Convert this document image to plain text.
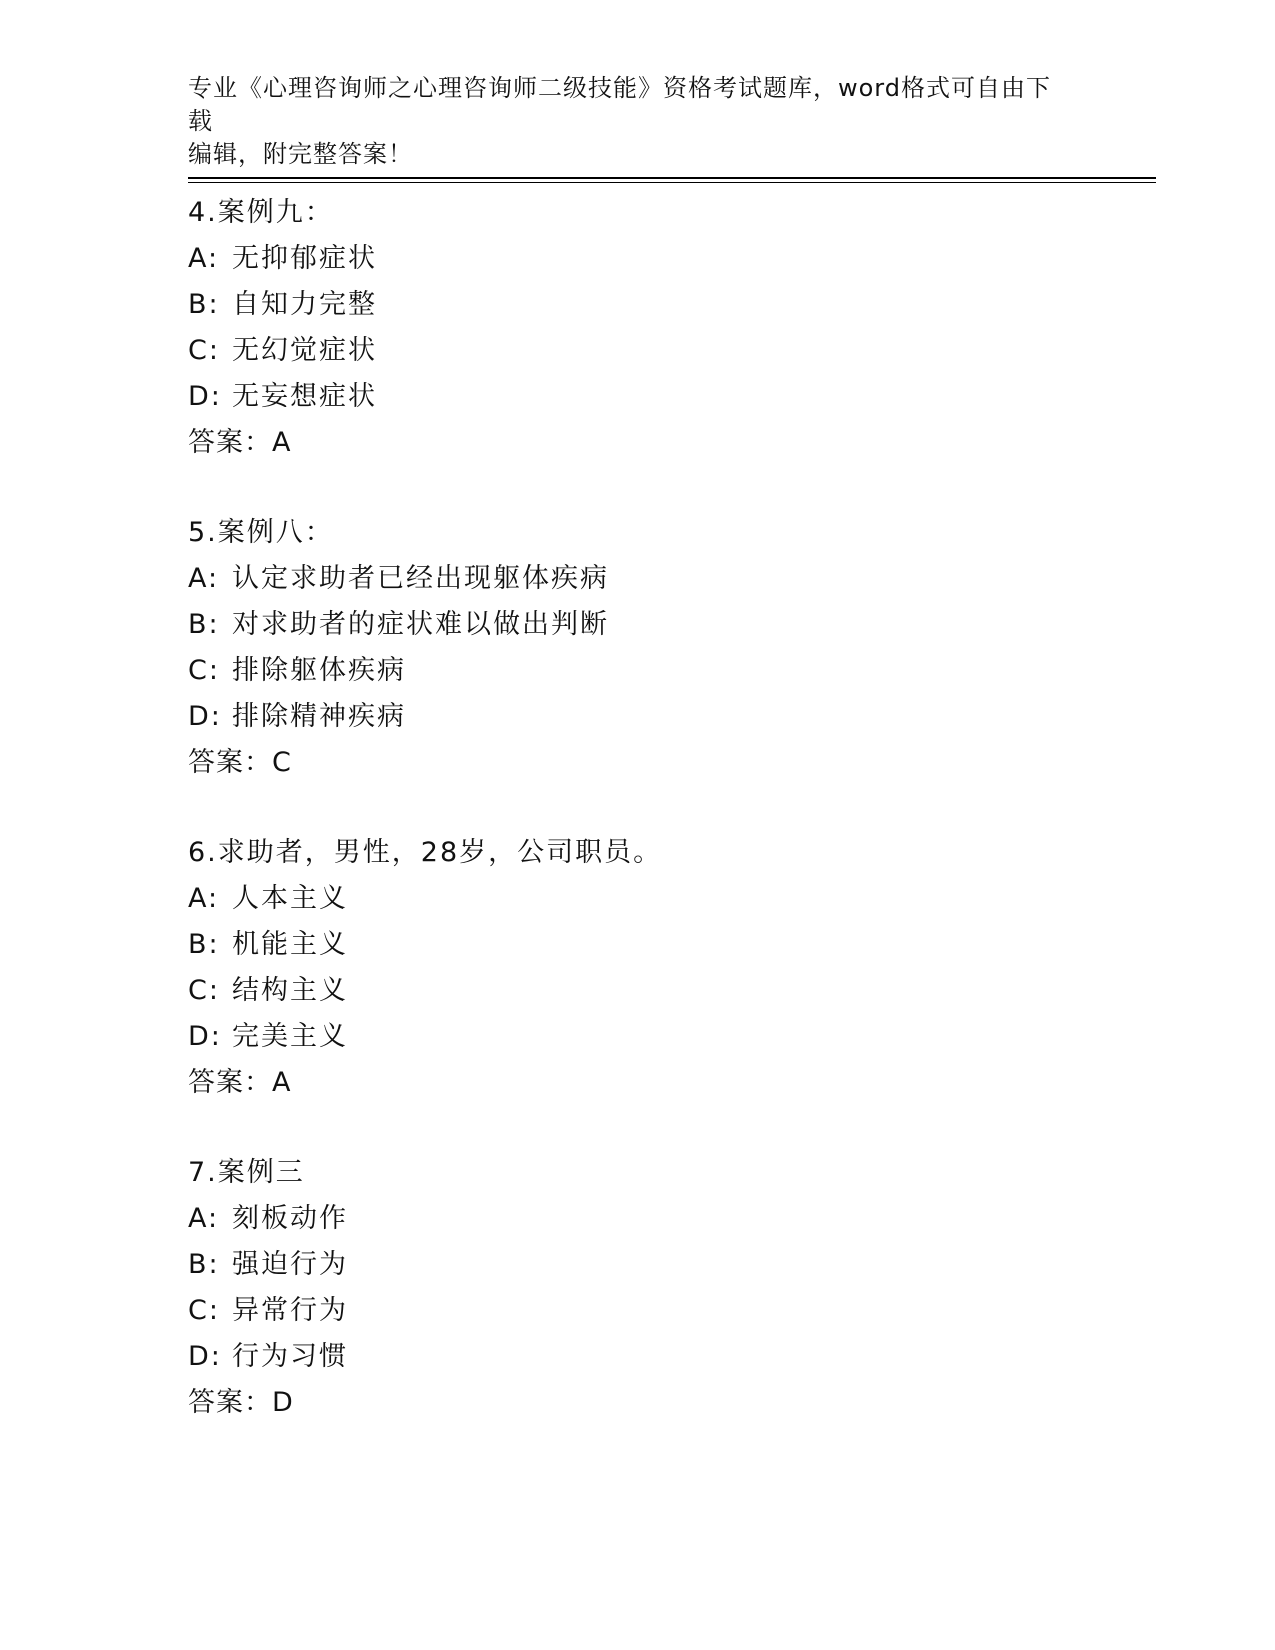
专业《心理咨询师之心理咨询师二级技能》资格考试题库，word格式可自由下载
编辑，附完整答案！
4.案例九：
A: 无抑郁症状
B: 自知力完整
C: 无幻觉症状
D: 无妄想症状
答案：A
5.案例八：
A: 认定求助者已经出现躯体疾病
B: 对求助者的症状难以做出判断
C: 排除躯体疾病
D: 排除精神疾病
答案：C
6.求助者，男性，28岁，公司职员。
A: 人本主义
B: 机能主义
C: 结构主义
D: 完美主义
答案：A
7.案例三
A: 刻板动作
B: 强迫行为
C: 异常行为
D: 行为习惯
答案：D
